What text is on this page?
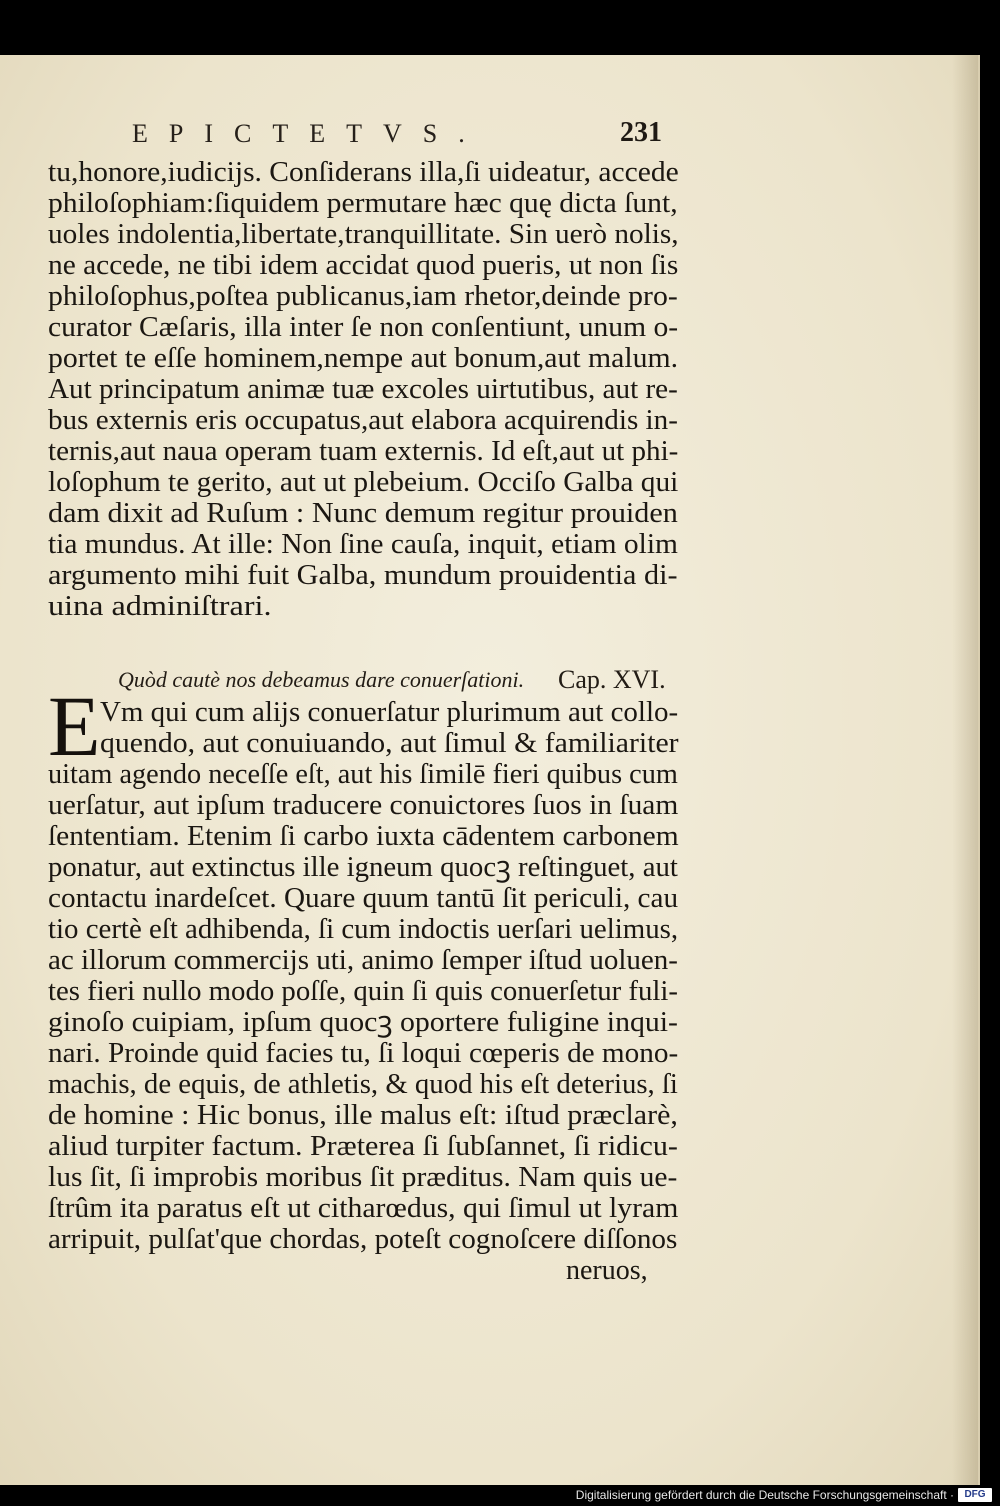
EPICTETVS.	231
tu,honore,iudicijs. Conſiderans illa,ſi uideatur, accede
philoſophiam:ſiquidem permutare hæc quę dicta ſunt,
uoles indolentia,libertate,tranquillitate. Sin uerò nolis,
ne accede, ne tibi idem accidat quod pueris, ut non ſis
philoſophus,poſtea publicanus,iam rhetor,deinde pro-
curator Cæſaris, illa inter ſe non conſentiunt, unum o-
portet te eſſe hominem,nempe aut bonum,aut malum.
Aut principatum animæ tuæ excoles uirtutibus, aut re-
bus externis eris occupatus,aut elabora acquirendis in-
ternis,aut naua operam tuam externis. Id eſt,aut ut phi-
loſophum te gerito, aut ut plebeium. Occiſo Galba qui
dam dixit ad Ruſum : Nunc demum regitur prouiden
tia mundus. At ille: Non ſine cauſa, inquit, etiam olim
argumento mihi fuit Galba, mundum prouidentia di-
uina adminiſtrari.
Quòd cautè nos debeamus dare conuerſationi. Cap. XVI.
E Vm qui cum alijs conuerſatur plurimum aut collo-
quendo, aut conuiuando, aut ſimul & familiariter
uitam agendo neceſſe eſt, aut his ſimilē fieri quibus cum
uerſatur, aut ipſum traducere conuictores ſuos in ſuam
ſententiam. Etenim ſi carbo iuxta cādentem carbonem
ponatur, aut extinctus ille igneum quocꝫ reſtinguet, aut
contactu inardeſcet. Quare quum tantū ſit periculi, cau
tio certè eſt adhibenda, ſi cum indoctis uerſari uelimus,
ac illorum commercijs uti, animo ſemper iſtud uoluen-
tes fieri nullo modo poſſe, quin ſi quis conuerſetur fuli-
ginoſo cuipiam, ipſum quocꝫ oportere fuligine inqui-
nari. Proinde quid facies tu, ſi loqui cœperis de mono-
machis, de equis, de athletis, & quod his eſt deterius, ſi
de homine : Hic bonus, ille malus eſt: iſtud præclarè,
aliud turpiter factum. Præterea ſi ſubſannet, ſi ridicu-
lus ſit, ſi improbis moribus ſit præditus. Nam quis ue-
ſtrûm ita paratus eſt ut citharœdus, qui ſimul ut lyram
arripuit, pulſat'que chordas, poteſt cognoſcere diſſonos
neruos,
Digitalisierung gefördert durch die Deutsche Forschungsgemeinschaft ·	DFG
